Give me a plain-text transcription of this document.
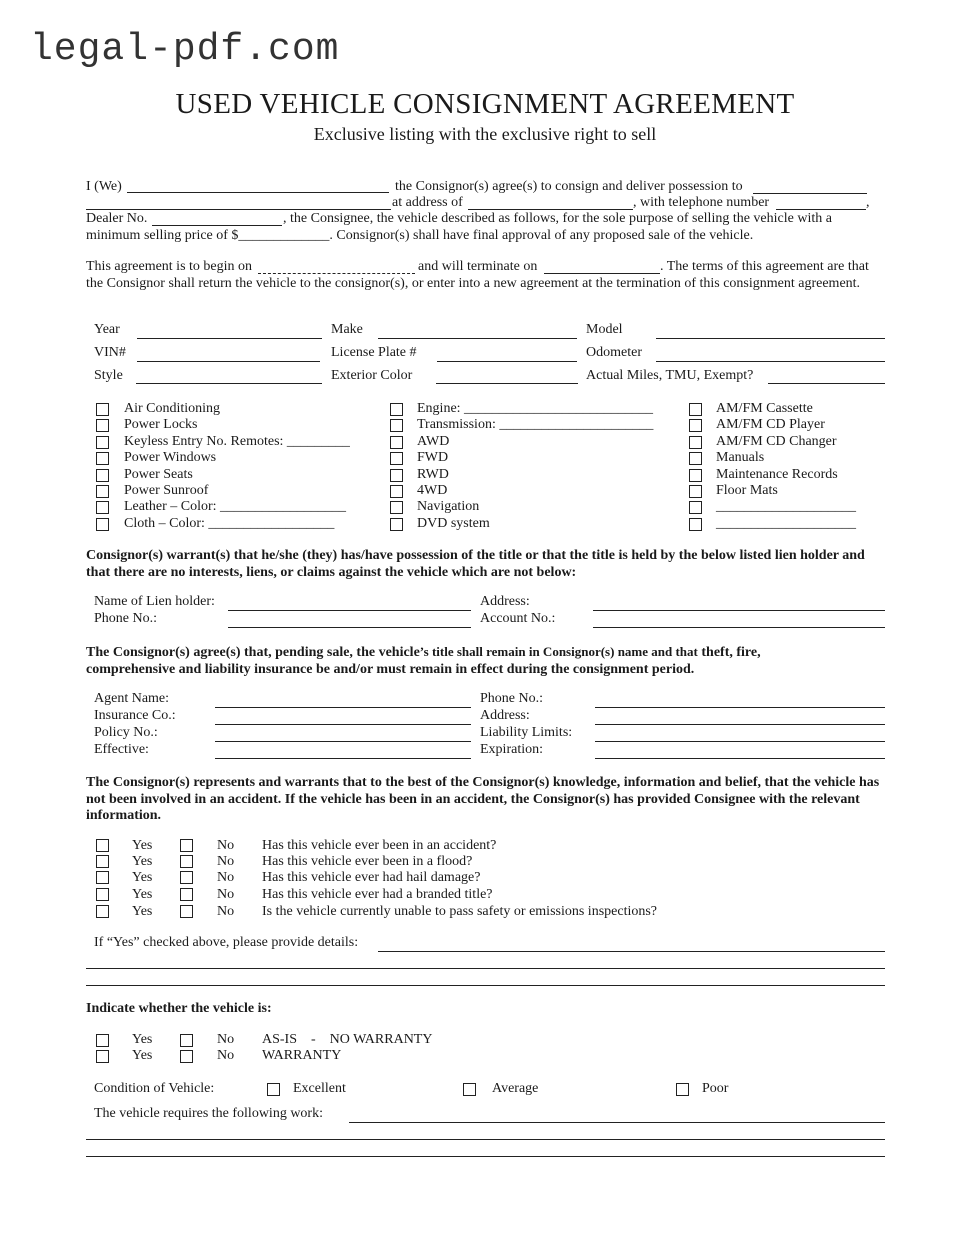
legal-pdf.com
USED VEHICLE CONSIGNMENT AGREEMENT
Exclusive listing with the exclusive right to sell
I (We)	the Consignor(s) agree(s) to consign and deliver possession to
at address of	, with telephone number	,
Dealer No.	, the Consignee, the vehicle described as follows, for the sole purpose of selling the vehicle with a
minimum selling price of $_____________. Consignor(s) shall have final approval of any proposed sale of the vehicle.
This agreement is to begin on	and will terminate on	. The terms of this agreement are that
the Consignor shall return the vehicle to the consignor(s), or enter into a new agreement at the termination of this consignment agreement.
Year	Make	Model
VIN#	License Plate #	Odometer
Style	Exterior Color	Actual Miles, TMU, Exempt?
Air Conditioning
Power Locks
Keyless Entry No. Remotes: _________
Power Windows
Power Seats
Power Sunroof
Leather – Color: __________________
Cloth – Color: __________________
Engine: ___________________________
Transmission: ______________________
AWD
FWD
RWD
4WD
Navigation
DVD system
AM/FM Cassette
AM/FM CD Player
AM/FM CD Changer
Manuals
Maintenance Records
Floor Mats
____________________
____________________
Consignor(s) warrant(s) that he/she (they) has/have possession of the title or that the title is held by the below listed lien holder and that there are no interests, liens, or claims against the vehicle which are not below:
Name of Lien holder:	Address:
Phone No.:	Account No.:
The Consignor(s) agree(s) that, pending sale, the vehicle’s title shall remain in Consignor(s) name and that theft, fire,
comprehensive and liability insurance be and/or must remain in effect during the consignment period.
Agent Name:	Phone No.:
Insurance Co.:	Address:
Policy No.:	Liability Limits:
Effective:	Expiration:
The Consignor(s) represents and warrants that to the best of the Consignor(s) knowledge, information and belief, that the vehicle has not been involved in an accident. If the vehicle has been in an accident, the Consignor(s) has provided Consignee with the relevant information.
Yes	No Has this vehicle ever been in an accident?
Yes	No Has this vehicle ever been in a flood?
Yes	No Has this vehicle ever had hail damage?
Yes	No Has this vehicle ever had a branded title?
Yes	No Is the vehicle currently unable to pass safety or emissions inspections?
If “Yes” checked above, please provide details:
Indicate whether the vehicle is:
Yes	No AS-IS    -    NO WARRANTY
Yes	No WARRANTY
Condition of Vehicle:	Excellent	Average	Poor
The vehicle requires the following work:
